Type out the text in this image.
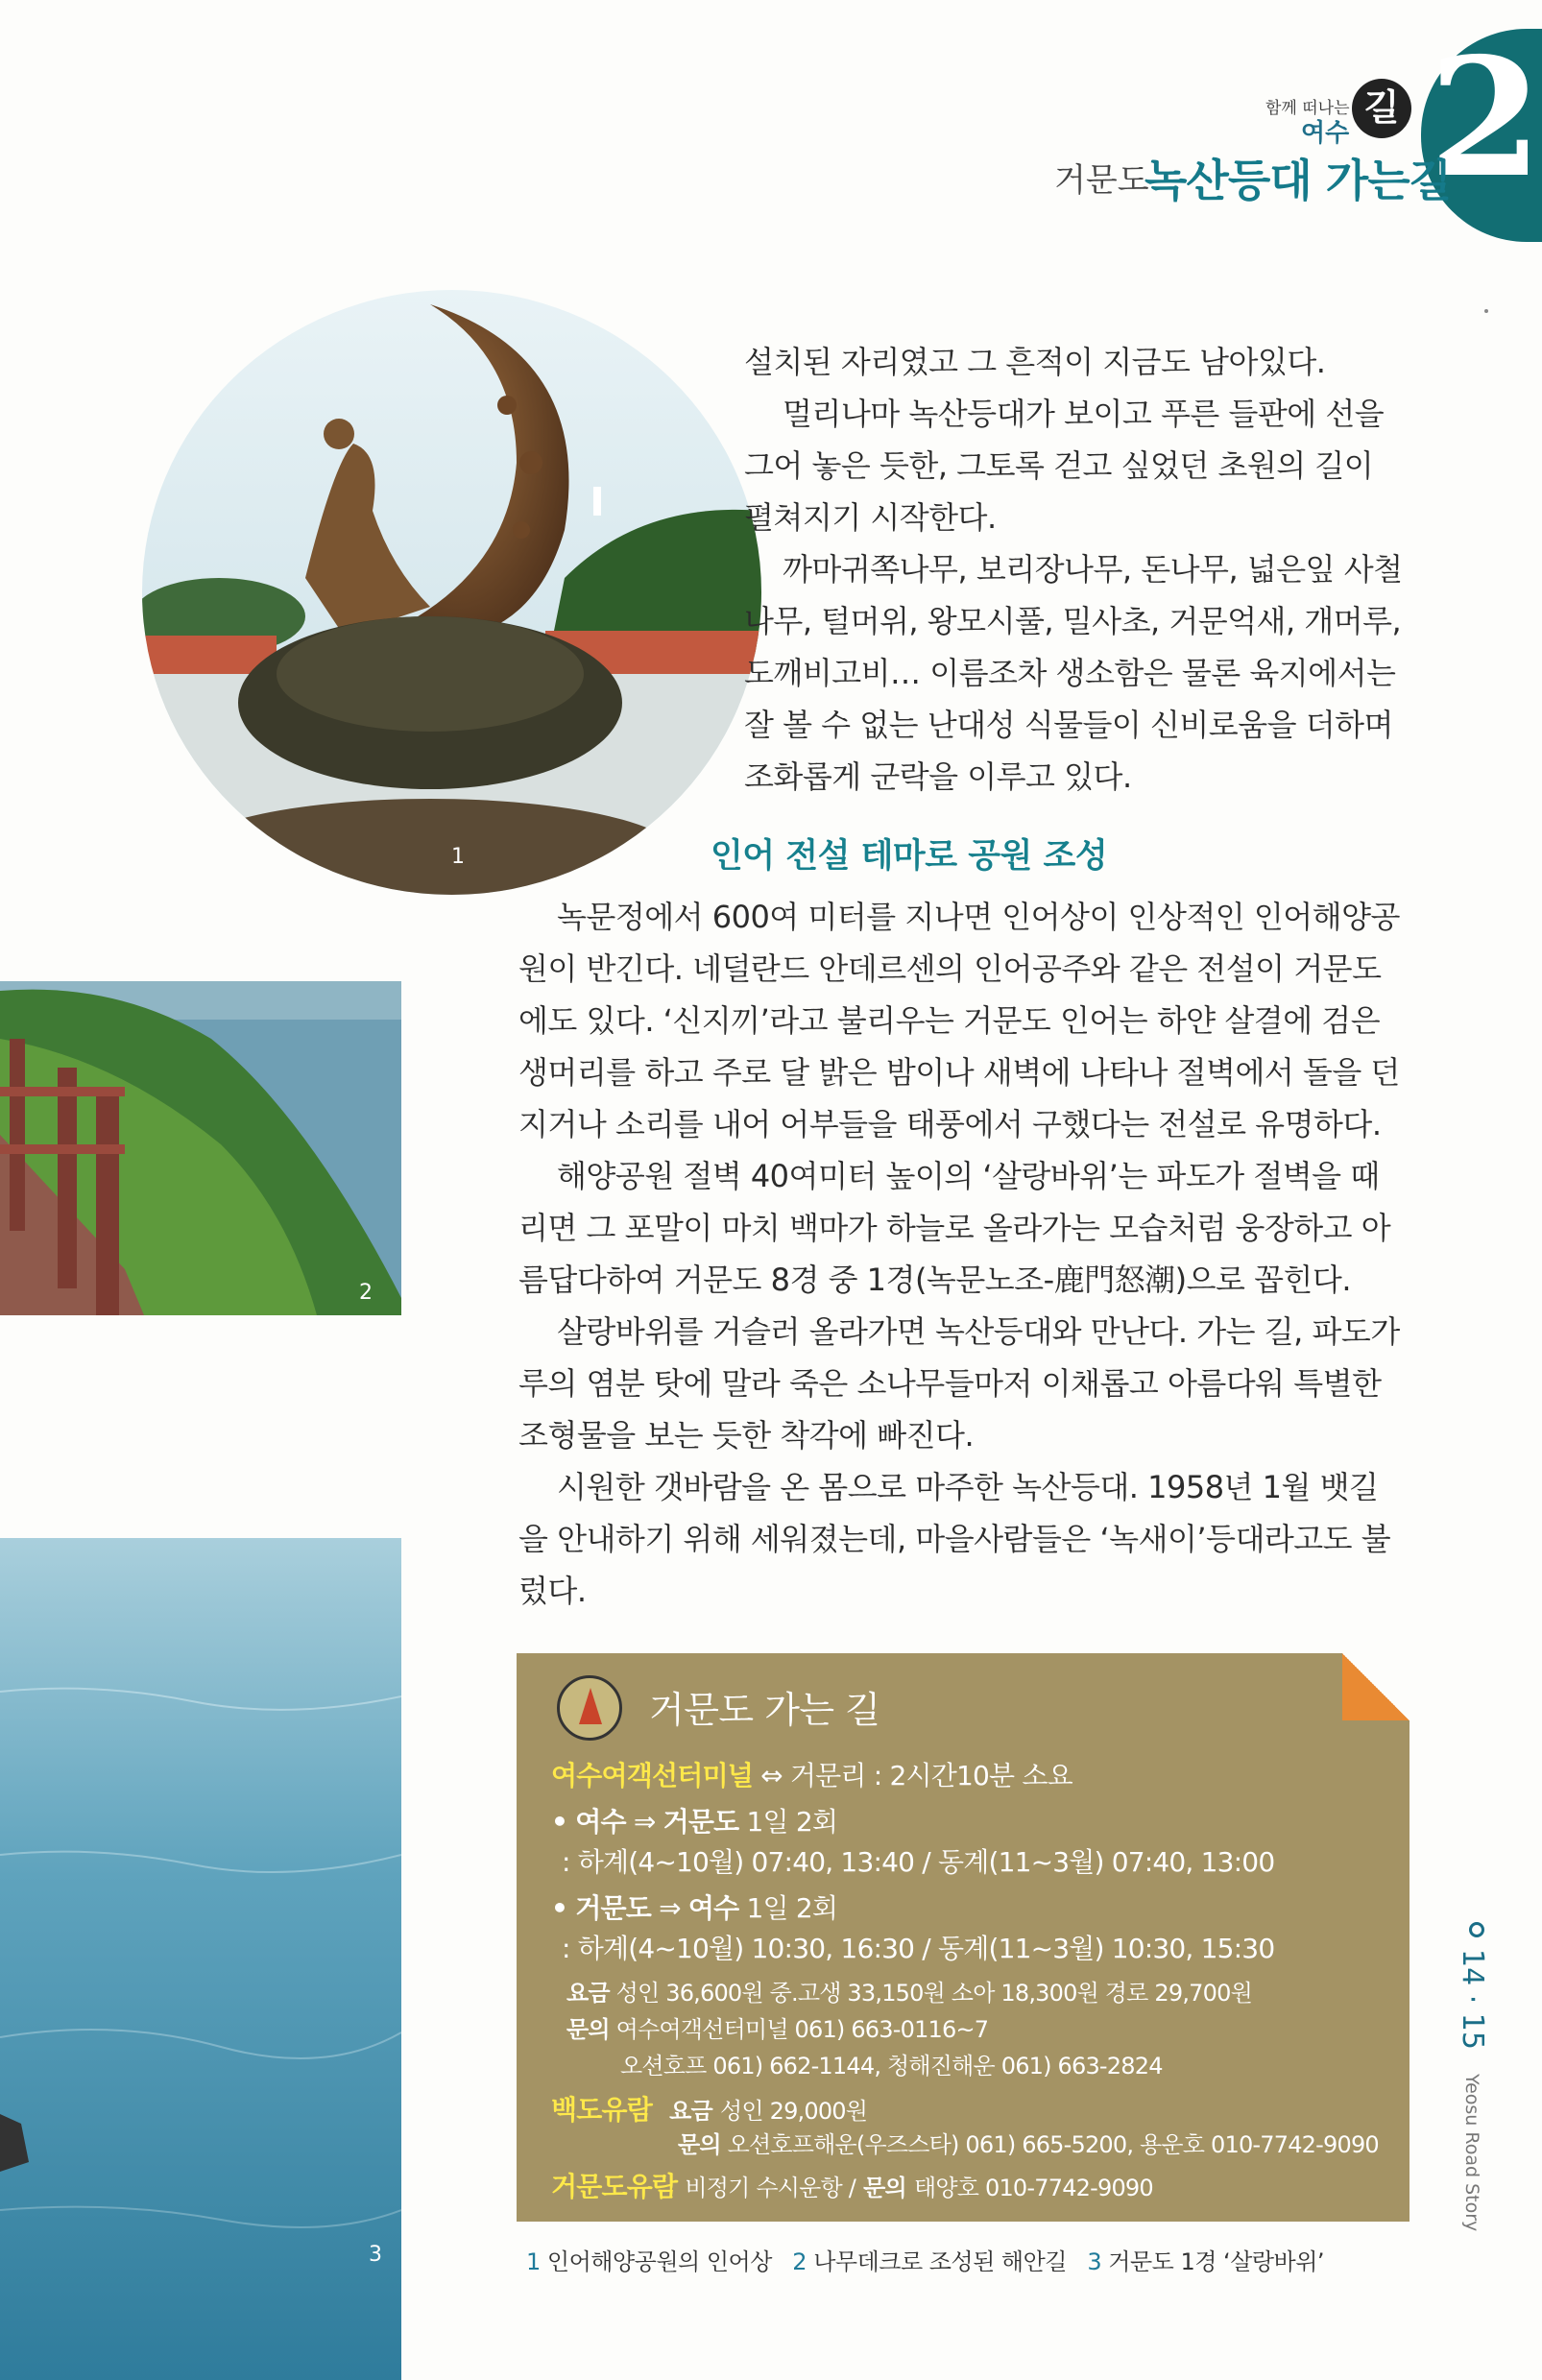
2
함께 떠나는
여수
길
거문도
녹산등대 가는길
1
2
3

설치된 자리였고 그 흔적이 지금도 남아있다.

멀리나마 녹산등대가 보이고 푸른 들판에 선을 그어 놓은 듯한, 그토록 걷고 싶었던 초원의 길이 펼쳐지기 시작한다.

까마귀쪽나무, 보리장나무, 돈나무, 넓은잎 사철나무, 털머위, 왕모시풀, 밀사초, 거문억새, 개머루, 도깨비고비… 이름조차 생소함은 물론 육지에서는 잘 볼 수 없는 난대성 식물들이 신비로움을 더하며 조화롭게 군락을 이루고 있다.

인어 전설 테마로 공원 조성

녹문정에서 600여 미터를 지나면 인어상이 인상적인 인어해양공원이 반긴다. 네덜란드 안데르센의 인어공주와 같은 전설이 거문도에도 있다. ‘신지끼’라고 불리우는 거문도 인어는 하얀 살결에 검은 생머리를 하고 주로 달 밝은 밤이나 새벽에 나타나 절벽에서 돌을 던지거나 소리를 내어 어부들을 태풍에서 구했다는 전설로 유명하다.

해양공원 절벽 40여미터 높이의 ‘살랑바위’는 파도가 절벽을 때리면 그 포말이 마치 백마가 하늘로 올라가는 모습처럼 웅장하고 아름답다하여 거문도 8경 중 1경(녹문노조-鹿門怒潮)으로 꼽힌다.

살랑바위를 거슬러 올라가면 녹산등대와 만난다. 가는 길, 파도가 루의 염분 탓에 말라 죽은 소나무들마저 이채롭고 아름다워 특별한 조형물을 보는 듯한 착각에 빠진다.

시원한 갯바람을 온 몸으로 마주한 녹산등대. 1958년 1월 뱃길을 안내하기 위해 세워졌는데, 마을사람들은 ‘녹새이’등대라고도 불렀다.

거문도 가는 길
여수여객선터미널 ⇔ 거문리 : 2시간10분 소요
• 여수 ⇒ 거문도 1일 2회
: 하계(4~10월) 07:40, 13:40 / 동계(11~3월) 07:40, 13:00
• 거문도 ⇒ 여수 1일 2회
: 하계(4~10월) 10:30, 16:30 / 동계(11~3월) 10:30, 15:30
요금 성인 36,600원 중.고생 33,150원 소아 18,300원 경로 29,700원
문의 여수여객선터미널 061) 663-0116~7
오션호프 061) 662-1144, 청해진해운 061) 663-2824
백도유람 요금 성인 29,000원
문의 오션호프해운(우즈스타) 061) 665-5200, 용운호 010-7742-9090
거문도유람 비정기 수시운항 / 문의 태양호 010-7742-9090
1 인어해양공원의 인어상 2 나무데크로 조성된 해안길 3 거문도 1경 ‘살랑바위’
14 · 15
Yeosu Road Story
